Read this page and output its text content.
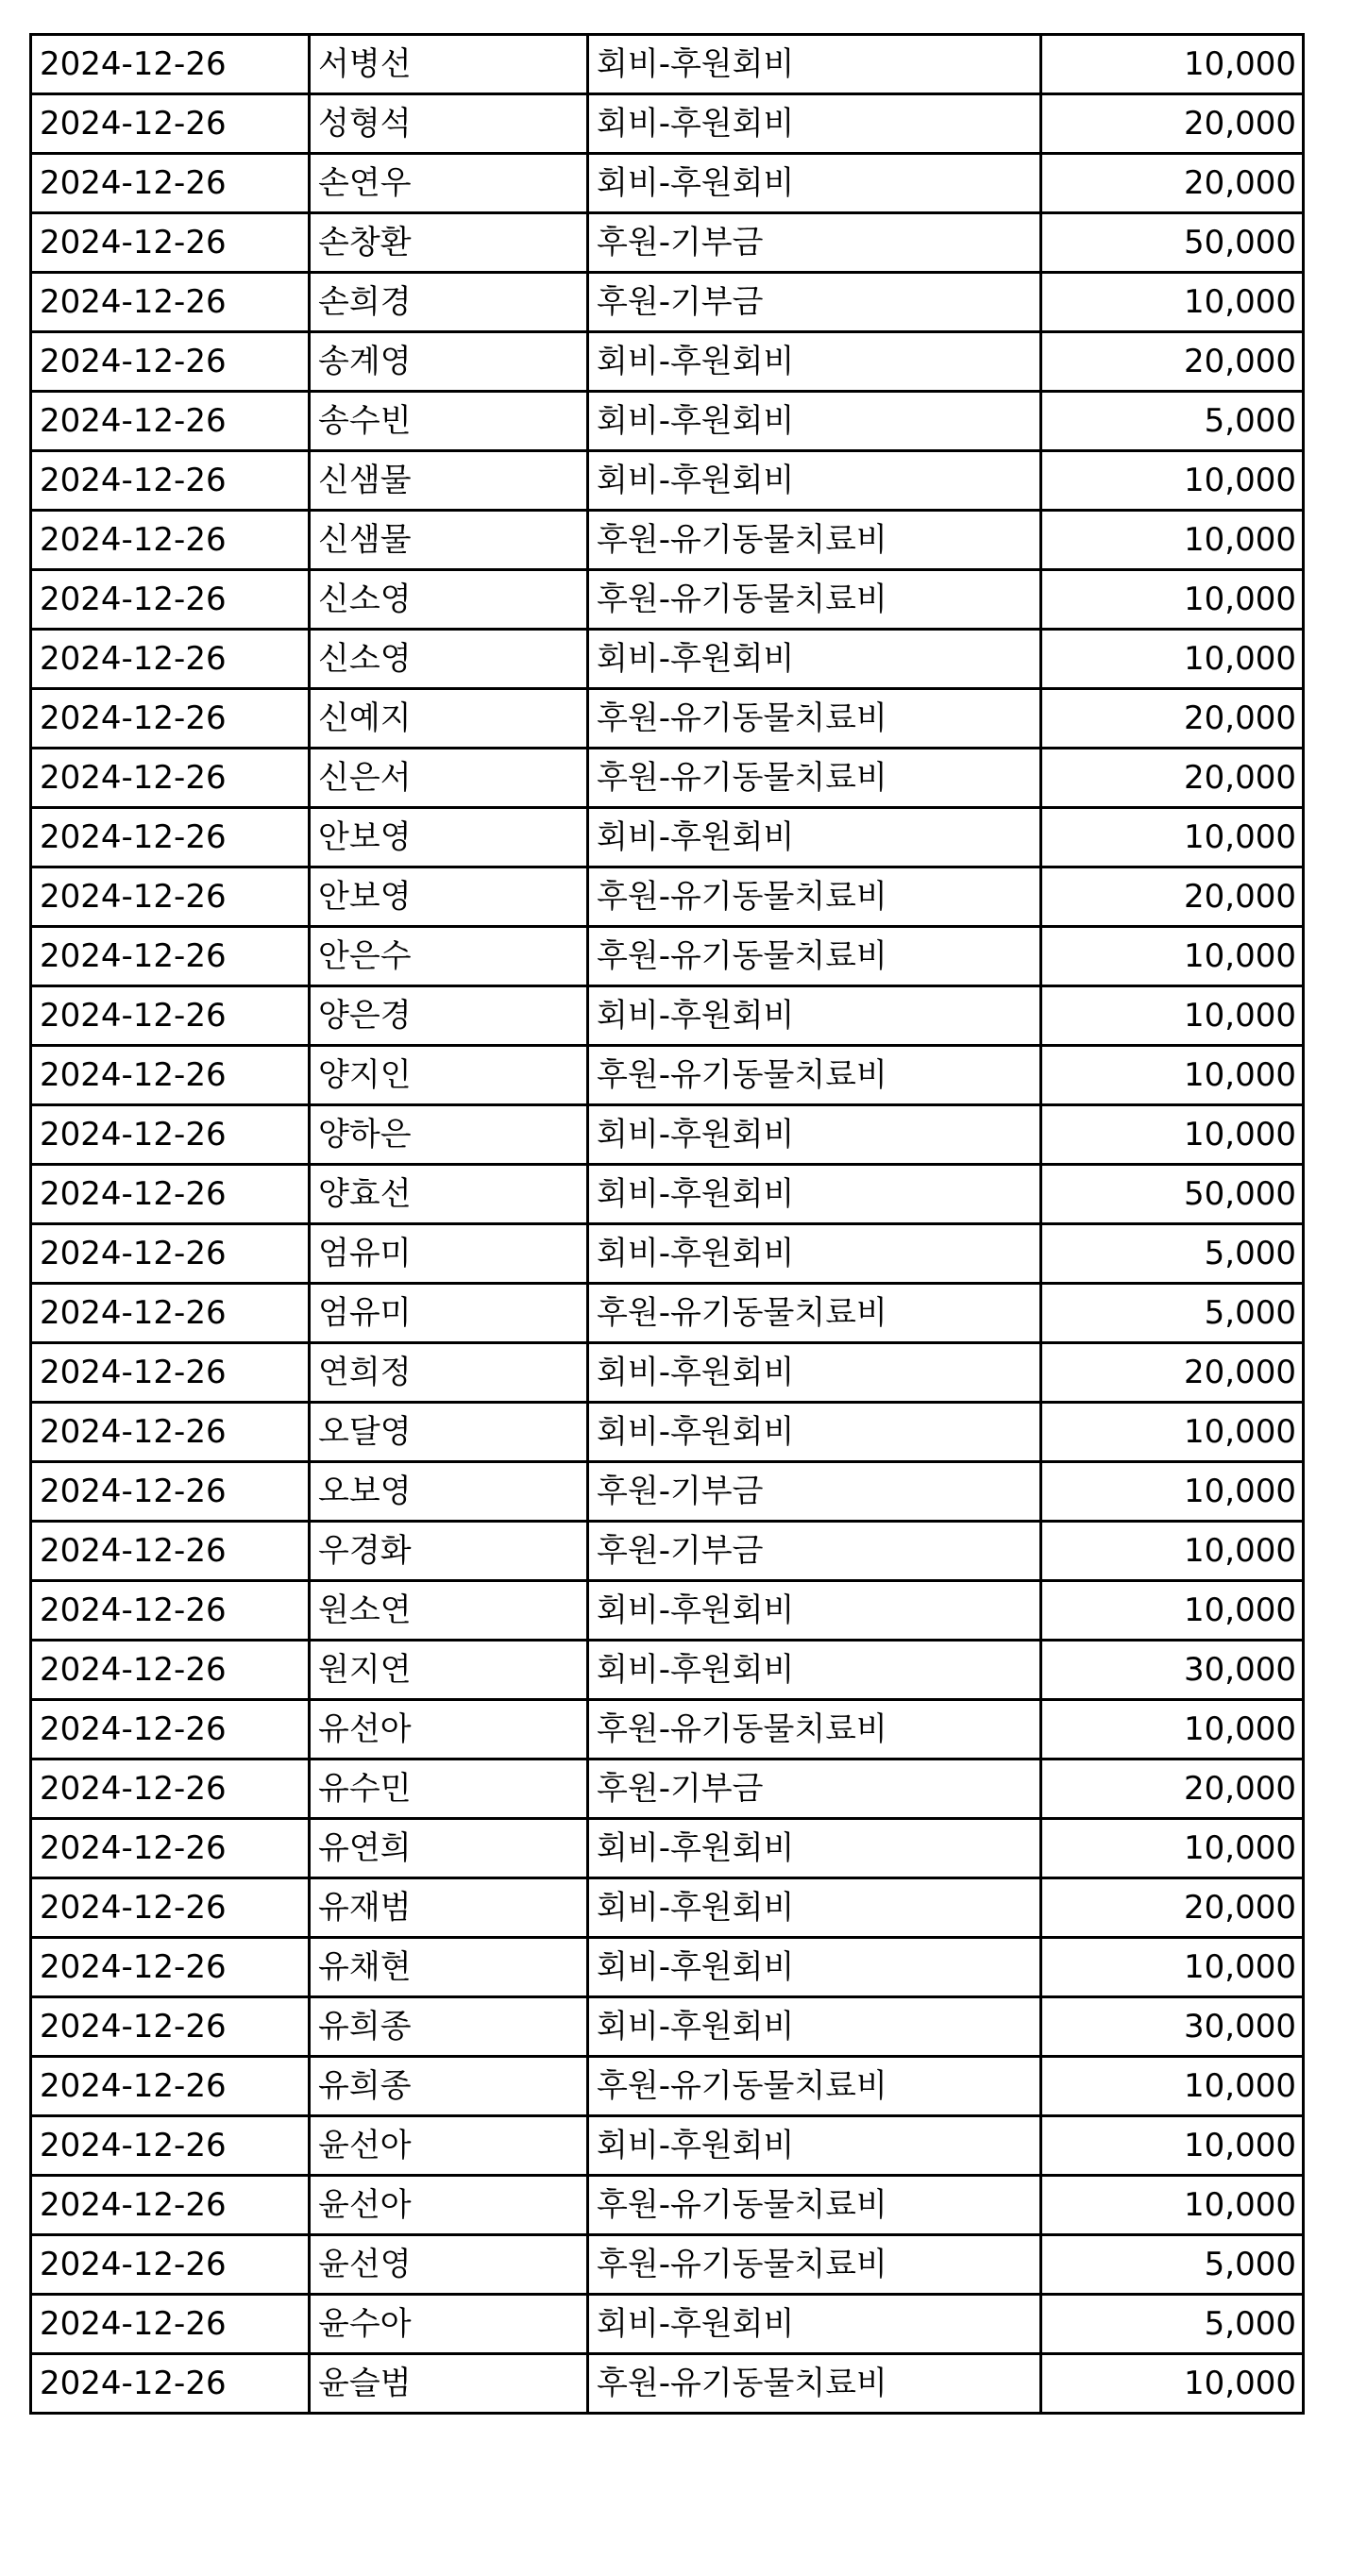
2024-12-26	서병선	회비-후원회비	10,000
2024-12-26	성형석	회비-후원회비	20,000
2024-12-26	손연우	회비-후원회비	20,000
2024-12-26	손창환	후원-기부금	50,000
2024-12-26	손희경	후원-기부금	10,000
2024-12-26	송계영	회비-후원회비	20,000
2024-12-26	송수빈	회비-후원회비	5,000
2024-12-26	신샘물	회비-후원회비	10,000
2024-12-26	신샘물	후원-유기동물치료비	10,000
2024-12-26	신소영	후원-유기동물치료비	10,000
2024-12-26	신소영	회비-후원회비	10,000
2024-12-26	신예지	후원-유기동물치료비	20,000
2024-12-26	신은서	후원-유기동물치료비	20,000
2024-12-26	안보영	회비-후원회비	10,000
2024-12-26	안보영	후원-유기동물치료비	20,000
2024-12-26	안은수	후원-유기동물치료비	10,000
2024-12-26	양은경	회비-후원회비	10,000
2024-12-26	양지인	후원-유기동물치료비	10,000
2024-12-26	양하은	회비-후원회비	10,000
2024-12-26	양효선	회비-후원회비	50,000
2024-12-26	엄유미	회비-후원회비	5,000
2024-12-26	엄유미	후원-유기동물치료비	5,000
2024-12-26	연희정	회비-후원회비	20,000
2024-12-26	오달영	회비-후원회비	10,000
2024-12-26	오보영	후원-기부금	10,000
2024-12-26	우경화	후원-기부금	10,000
2024-12-26	원소연	회비-후원회비	10,000
2024-12-26	원지연	회비-후원회비	30,000
2024-12-26	유선아	후원-유기동물치료비	10,000
2024-12-26	유수민	후원-기부금	20,000
2024-12-26	유연희	회비-후원회비	10,000
2024-12-26	유재범	회비-후원회비	20,000
2024-12-26	유채현	회비-후원회비	10,000
2024-12-26	유희종	회비-후원회비	30,000
2024-12-26	유희종	후원-유기동물치료비	10,000
2024-12-26	윤선아	회비-후원회비	10,000
2024-12-26	윤선아	후원-유기동물치료비	10,000
2024-12-26	윤선영	후원-유기동물치료비	5,000
2024-12-26	윤수아	회비-후원회비	5,000
2024-12-26	윤슬범	후원-유기동물치료비	10,000
